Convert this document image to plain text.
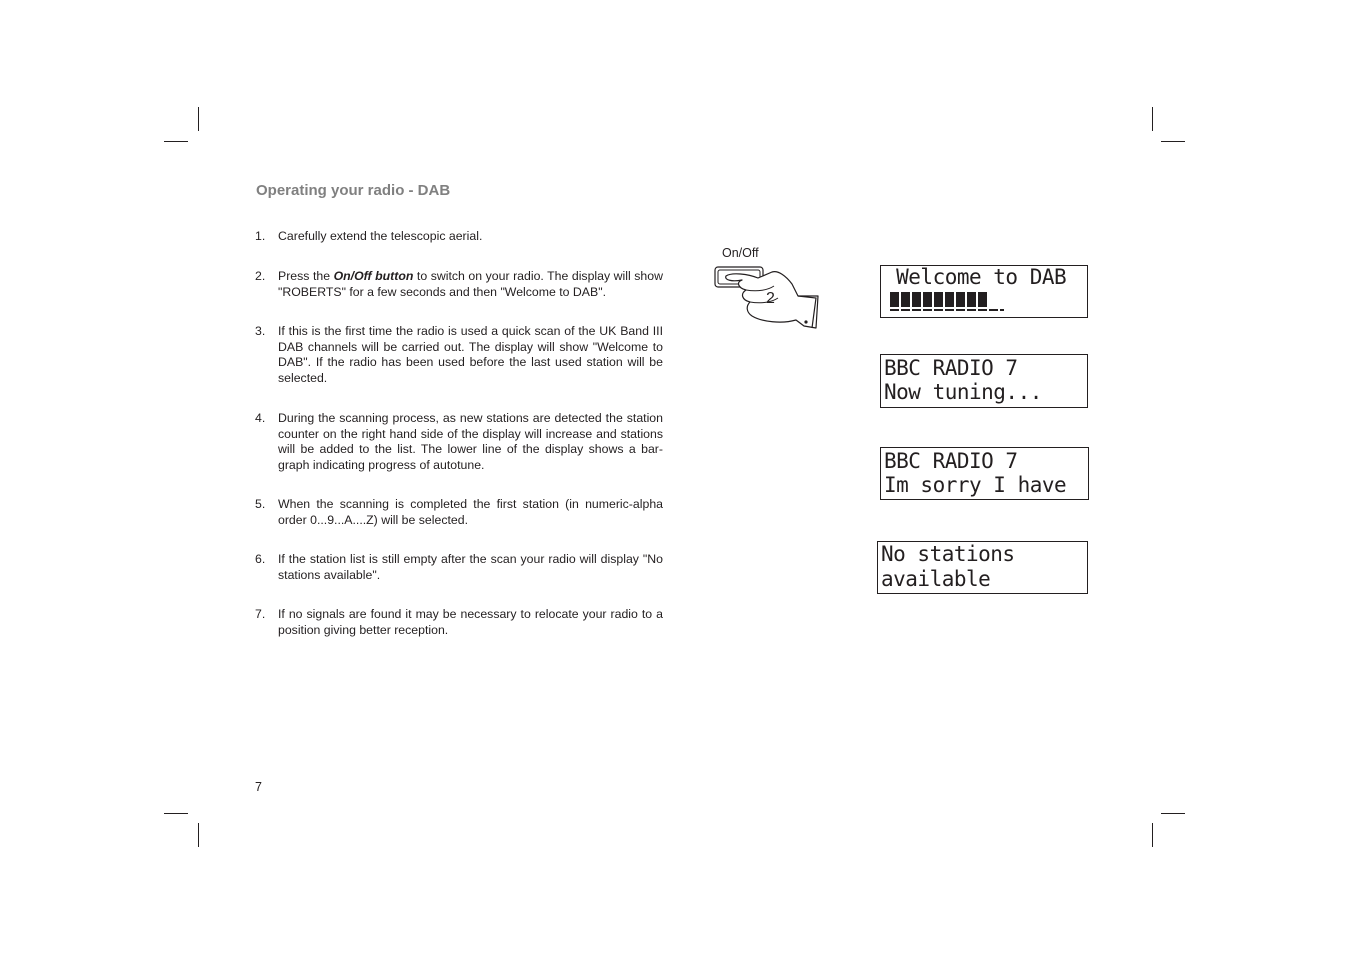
Operating your radio - DAB
1.	Carefully extend the telescopic aerial.
2.	Press the On/Off button to switch on your radio. The display will show "ROBERTS" for a few seconds and then "Welcome to DAB".
3.	If this is the first time the radio is used a quick scan of the UK Band III DAB channels will be carried out. The display will show "Welcome to DAB". If the radio has been used before the last used station will be selected.
4.	During the scanning process, as new stations are detected the station counter on the right hand side of the display will increase and stations will be added to the list. The lower line of the display shows a bar-graph indicating progress of autotune.
5.	When the scanning is completed the first station (in numeric-alpha order 0...9...A....Z) will be selected.
6.	If the station list is still empty after the scan your radio will display "No stations available".
7.	If no signals are found it may be necessary to relocate your radio to a position giving better reception.
On/Off
2
Welcome to DAB
BBC RADIO 7
Now tuning...
BBC RADIO 7
Im sorry I have
No stations
available
7
